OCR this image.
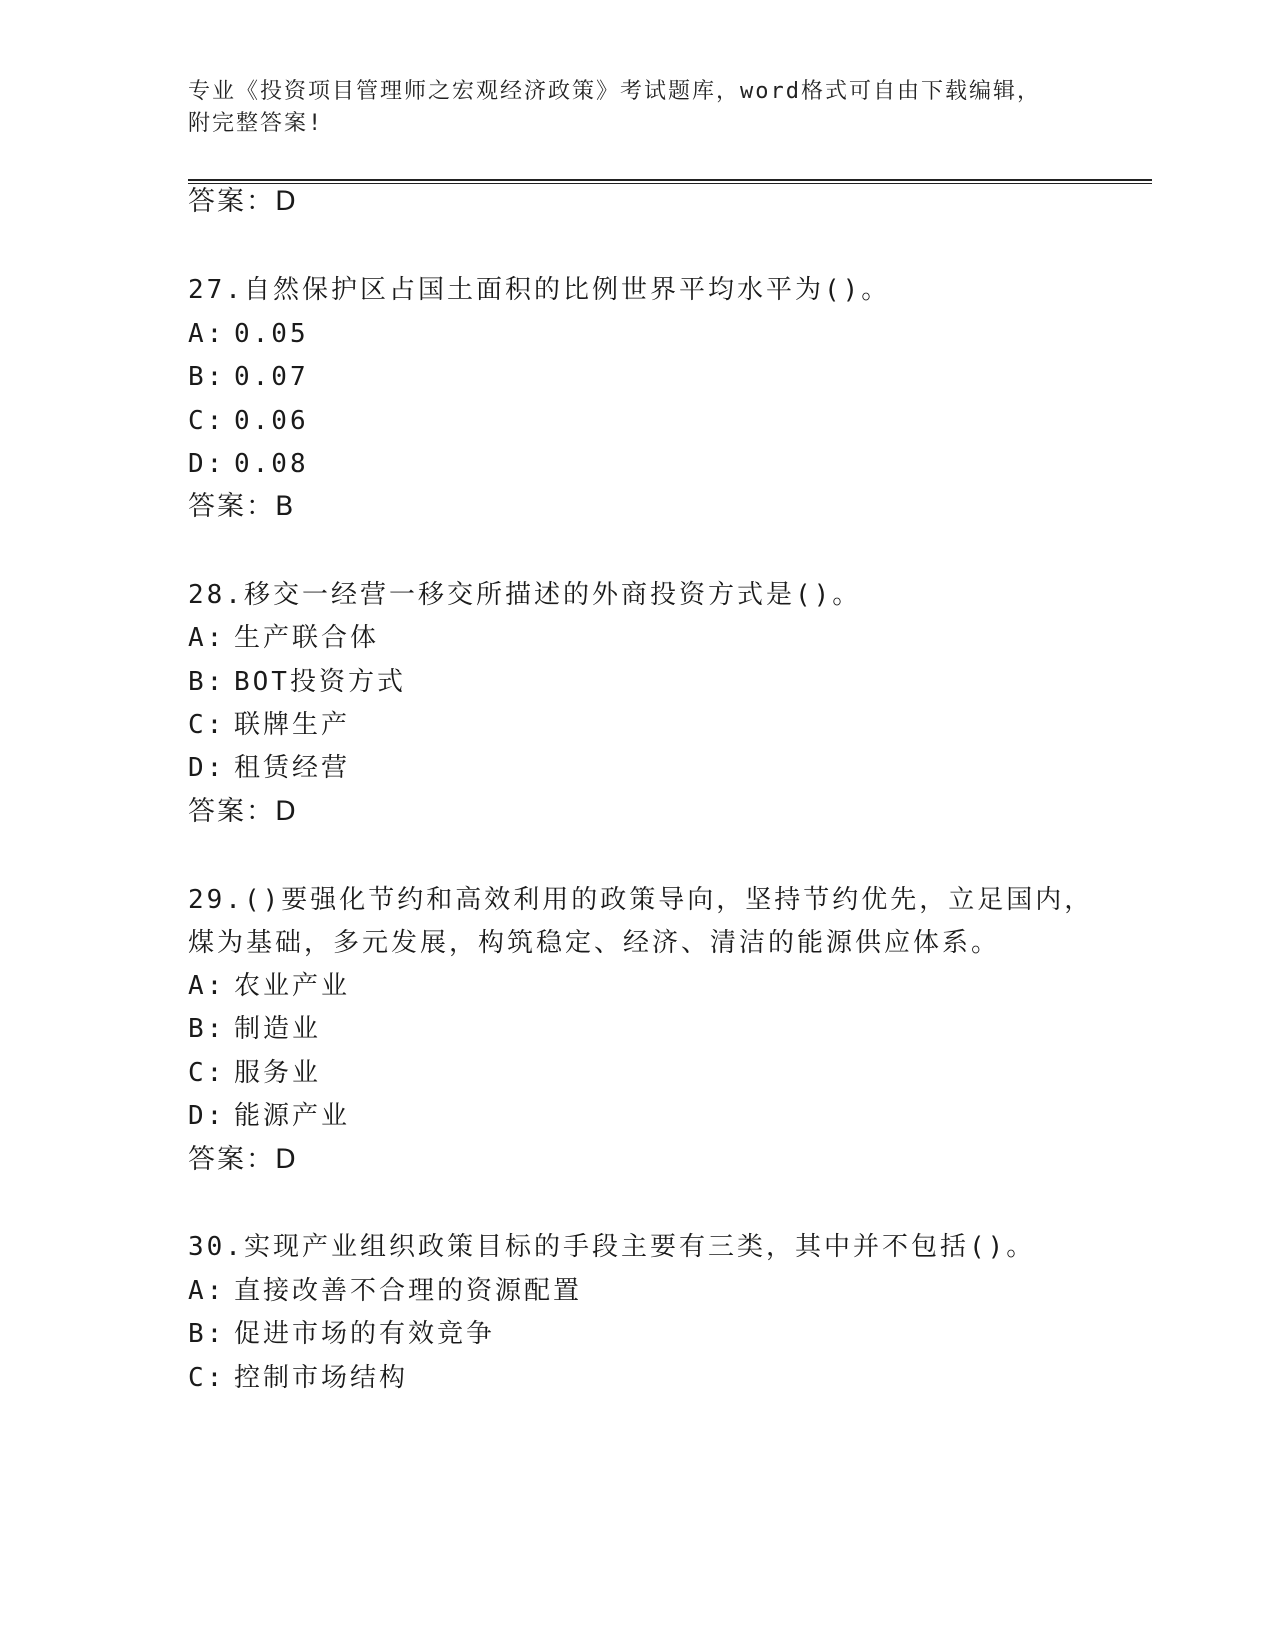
专业《投资项目管理师之宏观经济政策》考试题库，word格式可自由下载编辑，
附完整答案!
答案：D
27.自然保护区占国土面积的比例世界平均水平为()。
A: 0.05
B: 0.07
C: 0.06
D: 0.08
答案：B
28.移交一经营一移交所描述的外商投资方式是()。
A: 生产联合体
B: BOT投资方式
C: 联牌生产
D: 租赁经营
答案：D
29.()要强化节约和高效利用的政策导向，坚持节约优先，立足国内，
煤为基础，多元发展，构筑稳定、经济、清洁的能源供应体系。
A: 农业产业
B: 制造业
C: 服务业
D: 能源产业
答案：D
30.实现产业组织政策目标的手段主要有三类，其中并不包括()。
A: 直接改善不合理的资源配置
B: 促进市场的有效竞争
C: 控制市场结构
